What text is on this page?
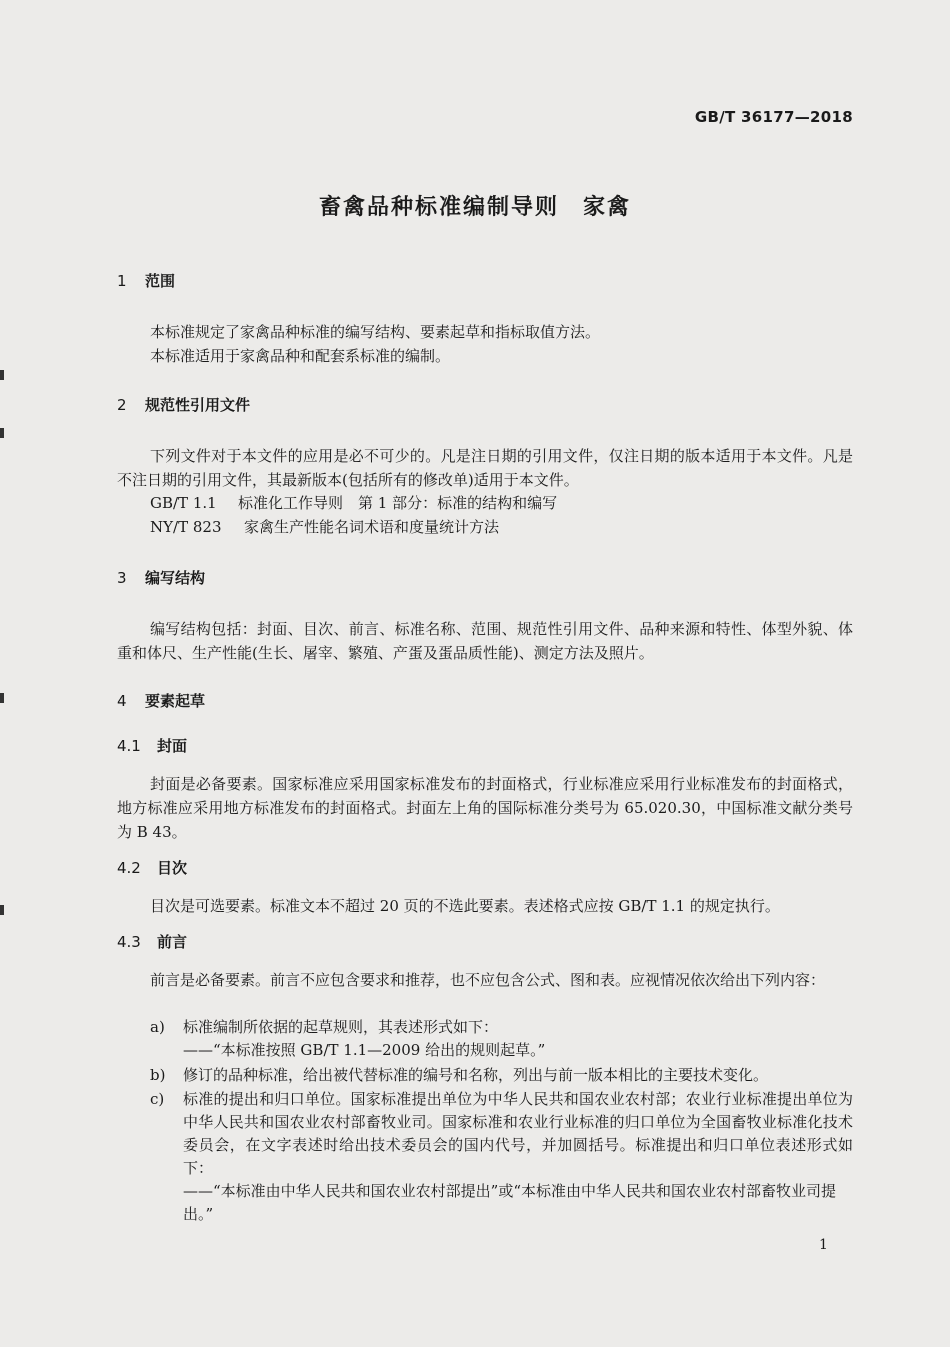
GB/T 36177—2018
畜禽品种标准编制导则　家禽
1 范围

本标准规定了家禽品种标准的编写结构、要素起草和指标取值方法。

本标准适用于家禽品种和配套系标准的编制。

2 规范性引用文件

下列文件对于本文件的应用是必不可少的。凡是注日期的引用文件，仅注日期的版本适用于本文件。凡是不注日期的引用文件，其最新版本(包括所有的修改单)适用于本文件。

GB/T 1.1 标准化工作导则　第 1 部分：标准的结构和编写
NY/T 823 家禽生产性能名词术语和度量统计方法
3 编写结构

编写结构包括：封面、目次、前言、标准名称、范围、规范性引用文件、品种来源和特性、体型外貌、体重和体尺、生产性能(生长、屠宰、繁殖、产蛋及蛋品质性能)、测定方法及照片。

4 要素起草
4.1 封面

封面是必备要素。国家标准应采用国家标准发布的封面格式，行业标准应采用行业标准发布的封面格式，地方标准应采用地方标准发布的封面格式。封面左上角的国际标准分类号为 65.020.30，中国标准文献分类号为 B 43。

4.2 目次

目次是可选要素。标准文本不超过 20 页的不选此要素。表述格式应按 GB/T 1.1 的规定执行。

4.3 前言

前言是必备要素。前言不应包含要求和推荐，也不应包含公式、图和表。应视情况依次给出下列内容：

a) 标准编制所依据的起草规则，其表述形式如下：
——“本标准按照 GB/T 1.1—2009 给出的规则起草。”
b) 修订的品种标准，给出被代替标准的编号和名称，列出与前一版本相比的主要技术变化。
c) 标准的提出和归口单位。国家标准提出单位为中华人民共和国农业农村部；农业行业标准提出单位为中华人民共和国农业农村部畜牧业司。国家标准和农业行业标准的归口单位为全国畜牧业标准化技术委员会，在文字表述时给出技术委员会的国内代号，并加圆括号。标准提出和归口单位表述形式如下：
——“本标准由中华人民共和国农业农村部提出”或“本标准由中华人民共和国农业农村部畜牧业司提出。”
1
